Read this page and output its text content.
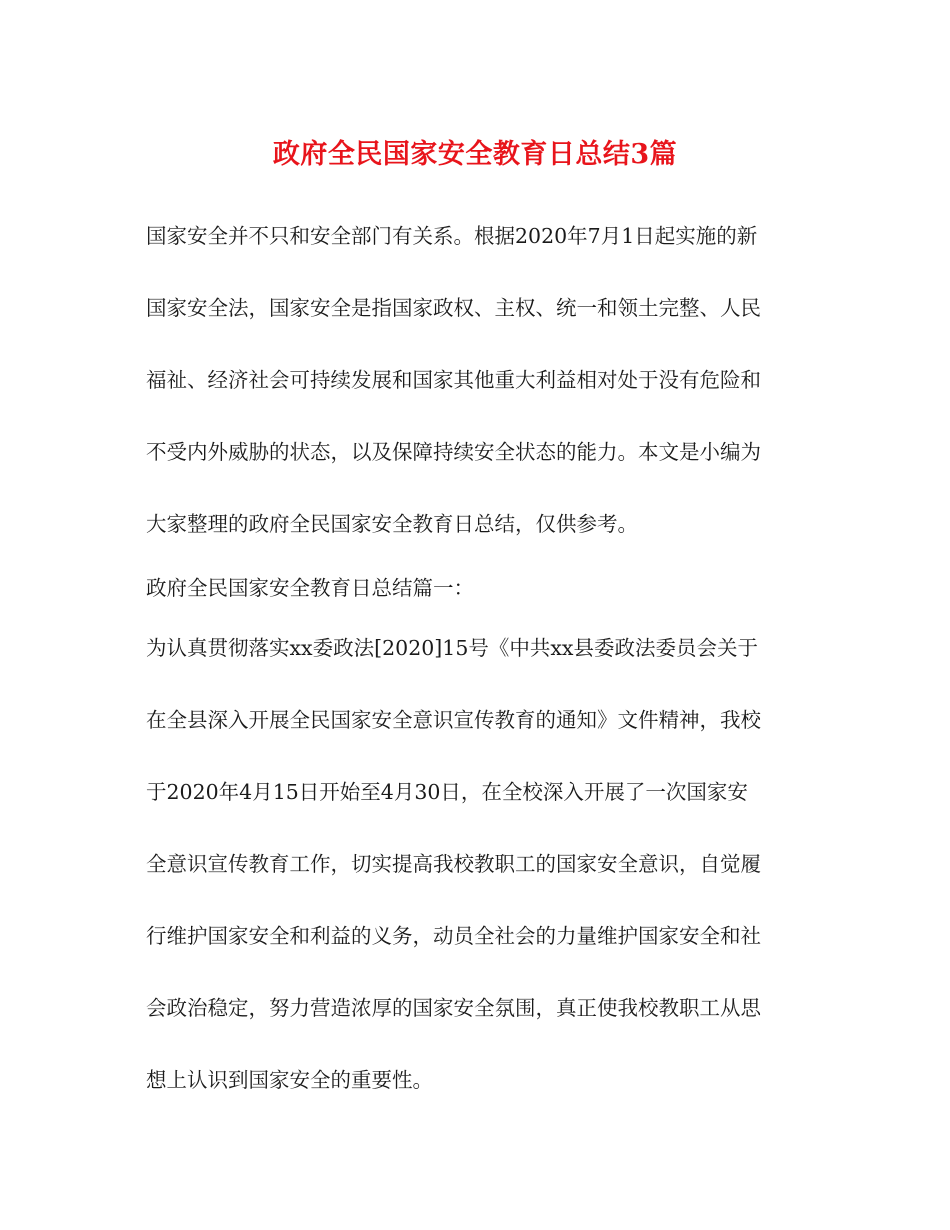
政府全民国家安全教育日总结3篇
国家安全并不只和安全部门有关系。根据2020年7月1日起实施的新
国家安全法，国家安全是指国家政权、主权、统一和领土完整、人民
福祉、经济社会可持续发展和国家其他重大利益相对处于没有危险和
不受内外威胁的状态，以及保障持续安全状态的能力。本文是小编为
大家整理的政府全民国家安全教育日总结，仅供参考。
政府全民国家安全教育日总结篇一：
为认真贯彻落实xx委政法[2020]15号《中共xx县委政法委员会关于
在全县深入开展全民国家安全意识宣传教育的通知》文件精神，我校
于2020年4月15日开始至4月30日，在全校深入开展了一次国家安
全意识宣传教育工作，切实提高我校教职工的国家安全意识，自觉履
行维护国家安全和利益的义务，动员全社会的力量维护国家安全和社
会政治稳定，努力营造浓厚的国家安全氛围，真正使我校教职工从思
想上认识到国家安全的重要性。
